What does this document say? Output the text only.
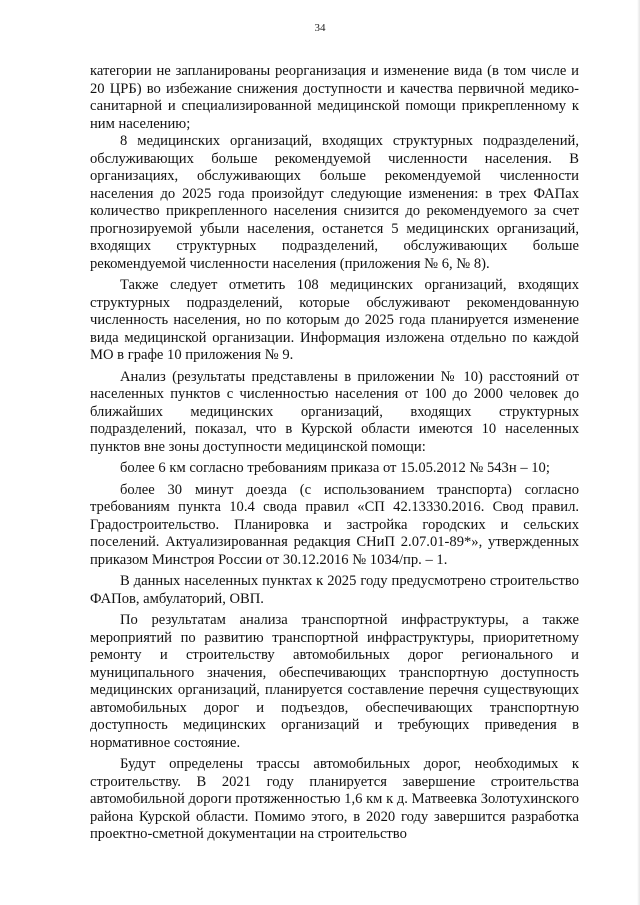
34

категории не запланированы реорганизация и изменение вида (в том числе и 20 ЦРБ) во избежание снижения доступности и качества первичной медико-санитарной и специализированной медицинской помощи прикрепленному к ним населению;

8 медицинских организаций, входящих структурных подразделений, обслуживающих больше рекомендуемой численности населения. В организациях, обслуживающих больше рекомендуемой численности населения до 2025 года произойдут следующие изменения: в трех ФАПах количество прикрепленного населения снизится до рекомендуемого за счет прогнозируемой убыли населения, останется 5 медицинских организаций, входящих структурных подразделений, обслуживающих больше рекомендуемой численности населения (приложения № 6, № 8).

Также следует отметить 108 медицинских организаций, входящих структурных подразделений, которые обслуживают рекомендованную численность населения, но по которым до 2025 года планируется изменение вида медицинской организации. Информация изложена отдельно по каждой МО в графе 10 приложения № 9.

Анализ (результаты представлены в приложении № 10) расстояний от населенных пунктов с численностью населения от 100 до 2000 человек до ближайших медицинских организаций, входящих структурных подразделений, показал, что в Курской области имеются 10 населенных пунктов вне зоны доступности медицинской помощи:

более 6 км согласно требованиям приказа от 15.05.2012 № 543н – 10;

более 30 минут доезда (с использованием транспорта) согласно требованиям пункта 10.4 свода правил «СП 42.13330.2016. Свод правил. Градостроительство. Планировка и застройка городских и сельских поселений. Актуализированная редакция СНиП 2.07.01-89*», утвержденных приказом Минстроя России от 30.12.2016 № 1034/пр. – 1.

В данных населенных пунктах к 2025 году предусмотрено строительство ФАПов, амбулаторий, ОВП.

По результатам анализа транспортной инфраструктуры, а также мероприятий по развитию транспортной инфраструктуры, приоритетному ремонту и строительству автомобильных дорог регионального и муниципального значения, обеспечивающих транспортную доступность медицинских организаций, планируется составление перечня существующих автомобильных дорог и подъездов, обеспечивающих транспортную доступность медицинских организаций и требующих приведения в нормативное состояние.

Будут определены трассы автомобильных дорог, необходимых к строительству. В 2021 году планируется завершение строительства автомобильной дороги протяженностью 1,6 км к д. Матвеевка Золотухинского района Курской области. Помимо этого, в 2020 году завершится разработка проектно-сметной документации на строительство
